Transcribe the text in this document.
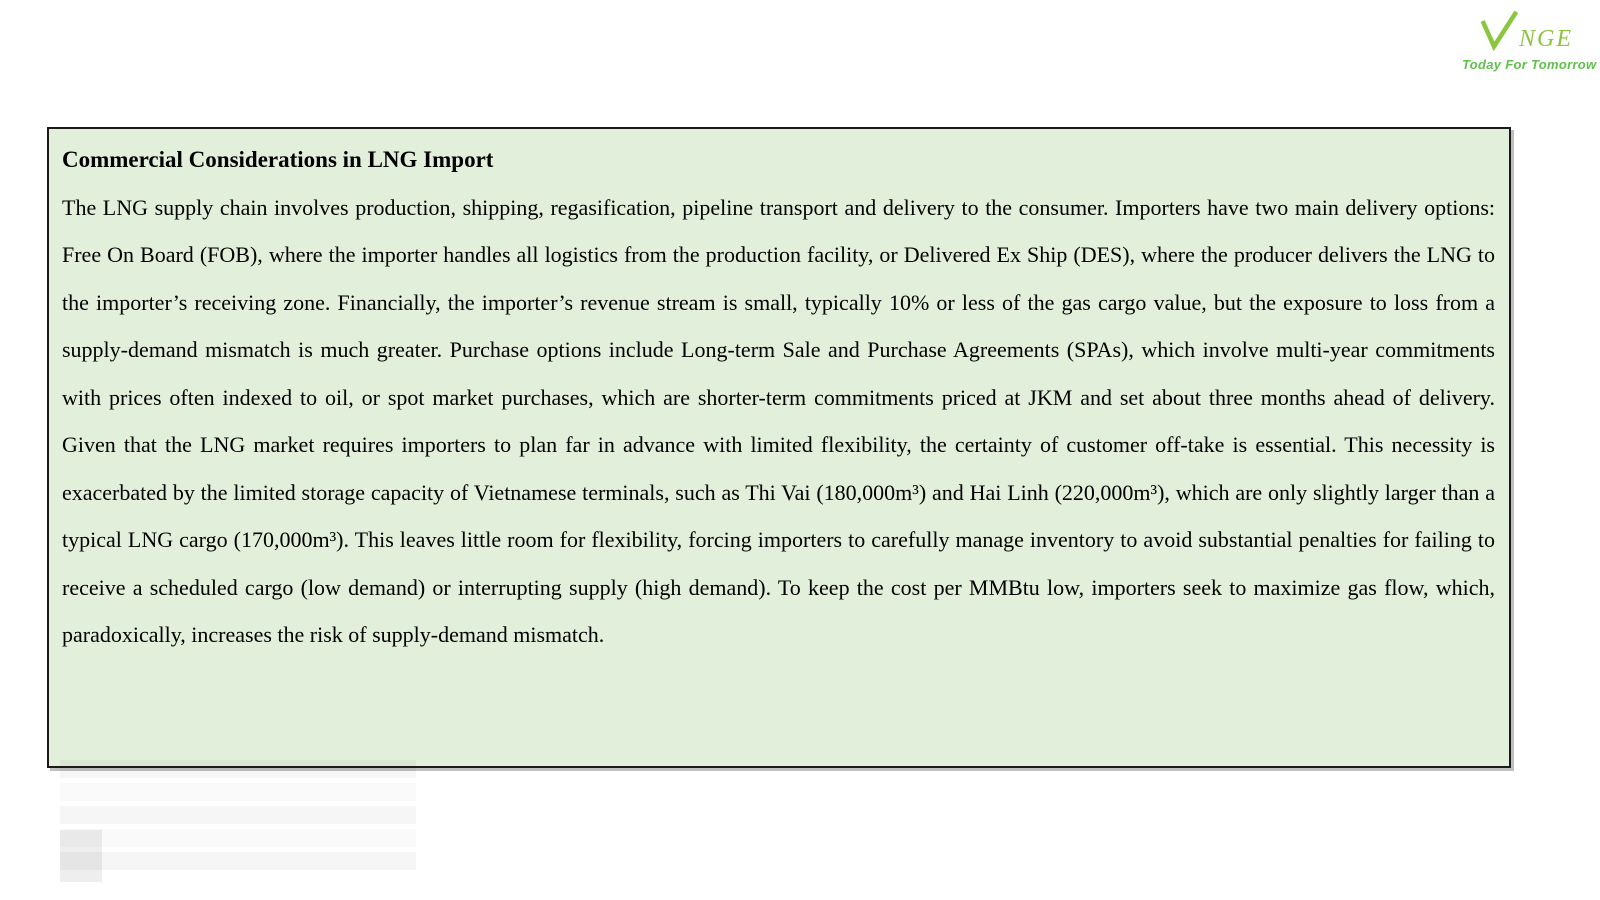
NGE
Today For Tomorrow
Commercial Considerations in LNG Import
The LNG supply chain involves production, shipping, regasification, pipeline transport and delivery to the consumer. Importers have two main delivery options: Free On Board (FOB), where the importer handles all logistics from the production facility, or Delivered Ex Ship (DES), where the producer delivers the LNG to the importer’s receiving zone. Financially, the importer’s revenue stream is small, typically 10% or less of the gas cargo value, but the exposure to loss from a supply-demand mismatch is much greater. Purchase options include Long-term Sale and Purchase Agreements (SPAs), which involve multi-year commitments with prices often indexed to oil, or spot market purchases, which are shorter-term commitments priced at JKM and set about three months ahead of delivery. Given that the LNG market requires importers to plan far in advance with limited flexibility, the certainty of customer off-take is essential. This necessity is exacerbated by the limited storage capacity of Vietnamese terminals, such as Thi Vai (180,000m³) and Hai Linh (220,000m³), which are only slightly larger than a typical LNG cargo (170,000m³). This leaves little room for flexibility, forcing importers to carefully manage inventory to avoid substantial penalties for failing to receive a scheduled cargo (low demand) or interrupting supply (high demand). To keep the cost per MMBtu low, importers seek to maximize gas flow, which, paradoxically, increases the risk of supply-demand mismatch.
